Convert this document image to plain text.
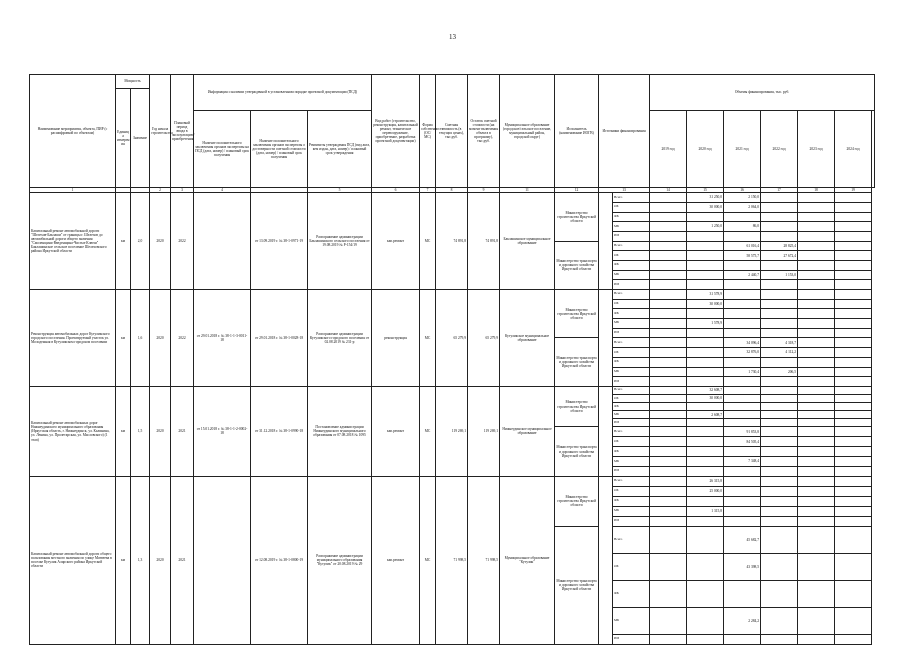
13
Наименование мероприятия, объекта, ПИР (с расшифровкой по объектам)	Мощность		Год начала строительства	Плановый период ввода в эксплуатацию/приобретения	Информация о наличии утвержденной в установленном порядке проектной документации (ПСД)			Вид работ (строительство, реконструкция, капитальный ремонт, техническое перевооружение, приобретение, разработка проектной документации)	Форма собственности (ОС/ МС)	Сметная стоимость (в текущих ценах), тыс.руб.	Остаток сметной стоимости (на момент включения объекта в программу), тыс.руб.	Муниципальное образование (городское/сельское поселение, муниципальный район, городской округ)	Исполнитель (наименование ИОГВ)	Источники финансирования		Объемы финансирования, тыс. руб.						
	Единиц а измерен ия	Значение																				
					Наличие положительного заключения органов экспертизы на ПСД (дата, номер) / плановый срок получения	Наличие положительного заключения органов экспертизы о достоверности сметной стоимости (дата, номер) / плановый срок получения	Реквизиты утверждения ПСД (вид акта, кем издан, дата, номер) / плановый срок утверждения									2019 год	2020 год	2021 год	2022 год	2023 год	2024 год	
1			2	3	4		5	6	7	8	9	11	12	13		14	15	16	17	18	19	
Капитальный ремонт автомобильной дороги "Шелехов-Баклаши" от границы г. Шелехов до автомобильной дороги общего значения "Смоленщина-Введенщина-Чистые Ключи" Баклашинское сельское поселение Шелеховского района Иркутской области	км	2,0	2020	2022		от 13.09.2019 г. № 38-1-0971-19	Распоряжение администрации Баклашинского сельского поселения от 19.08.2019 № Р-154/19	кап.ремонт	МС	74 891,8	74 891,8	Баклашинское муниципальное образование	Министерство строительства Иркутской области		Всего		31 250,0	2 150,0				
															ОБ		30 000,0	2 064,0				
															ФБ							
															МБ		1 250,0	86,0				
															ИИ							
													Министерство транспорта и дорожного хозяйства Иркутской области		Всего			61 016,4	28 825,4			
															ОБ			58 575,7	27 672,4			
															ФБ							
															МБ			2 440,7	1 153,0			
															ИИ							
Реконструкция автомобильных дорог Кутуликского городского поселения. Проектируемый участок ул. Молодежная в Кутуликском городском поселении	км	1,6	2020	2022	от 29.01.2018 г. № 38-1-1-3-0011-18	от 29.01.2018 г. № 38-1-0028-18	Распоряжение администрации Кутуликского городского поселения от 02.08.2019 № 231-р	реконструкция	МС	65 279,9	65 279,9	Кутуликское муниципальное образование	Министерство строительства Иркутской области		Всего		31 578,9					
															ОБ		30 000,0					
															ФБ							
															МБ		1 578,9					
															ИИ							
													Министерство транспорта и дорожного хозяйства Иркутской области		Всего			34 096,4	4 318,7			
															ОБ			32 876,0	4 112,2			
															ФБ							
															МБ			1 730,4	206,5			
															ИИ							
Капитальный ремонт автомобильных дорог Нижнеудинского муниципального образования (Иркутская область, г. Нижнеудинск, ул. Калинина, ул. Ленина, ул. Пролетарская, ул. Масловского) (1 этап)	км	1,5	2020	2021	от 15.01.2018 г. № 38-1-1-2-0002-18	от 31.12.2018 г. № 38-1-0990-18	Постановление администрации Нижнеудинского муниципального образования от 07.08.2018 № 1095	кап.ремонт	МС	119 269,1	119 269,1	Нижнеудинское муниципальное образование	Министерство строительства Иркутской области		Всего		32 608,7					
															ОБ		30 000,0					
															ФБ							
															МБ		2 608,7					
															ИИ							
													Министерство транспорта и дорожного хозяйства Иркутской области		Всего			91 853,8				
															ОБ			84 505,4				
															ФБ							
															МБ			7 348,4				
															ИИ							
Капитальный ремонт автомобильной дороги общего пользования местного значения по улице Матвеева в поселке Кутулик Аларского района Иркутской области	км	1,3	2020	2021		от 12.08.2019 г. № 38-1-0800-19	Распоряжение администрации муниципального образования "Кутулик" от 20.08.2019 № 29	кап.ремонт	МС	71 998,5	71 998,5	Муниципальное образование "Кутулик"	Министерство строительства Иркутской области		Всего		26 315,8					
															ОБ		25 000,0					
															ФБ							
															МБ		1 315,8					
															ИИ							
													Министерство транспорта и дорожного хозяйства Иркутской области		Всего			45 682,7				
															ОБ			43 398,5				
															ФБ							
															МБ			2 284,2				
															ИИ							
